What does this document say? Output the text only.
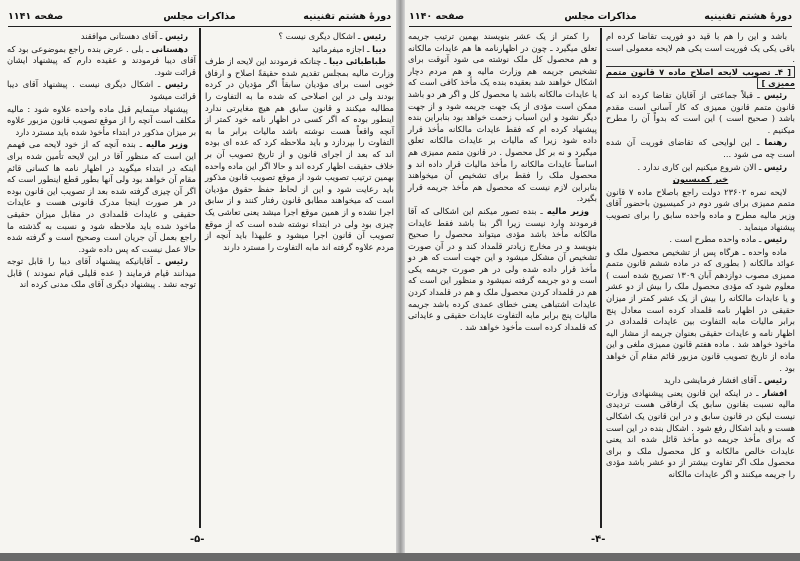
دورهٔ هشتم تقنینیه
مذاکرات مجلس
صفحه ۱۱۴۱

رئیس ـ اشکال دیگری نیست ؟

دیبا ـ اجازه میفرمائید

طباطبائی دیبا ـ چنانکه فرمودند این لایحه از طرف وزارت مالیه بمجلس تقدیم شده حقیقةً اصلاح و ارفاق خوبی است برای مؤدیان سابقاً اگر مؤدیان در کرده بودند ولی در این اصلاحی که شده ما به التفاوت را مطالبه میکنند و قانون سابق هم هیچ مغایرتی ندارد اینطور بوده که اگر کسی در اظهار نامه خود کمتر از آنچه واقعاً هست نوشته باشد مالیات برابر ما به التفاوت را بپردازد و باید ملاحظه کرد که عده ای بوده اند که بعد از اجرای قانون و از تاریخ تصویب آن بر خلاف حقیقت اظهار کرده اند و حالا اگر این ماده واحده بهمین ترتیب تصویب شود از موقع تصویب قانون مذکور باید رعایت شود و این از لحاظ حفظ حقوق مؤدیان است که میخواهند مطابق قانون رفتار کنند و از سابق اجرا نشده و از همین موقع اجرا میشد یعنی تعاشی یک چیزی بود ولی در ابتداء نوشته شده است که از موقع تصویب آن قانون اجرا میشود و علیهذا باید آنچه از مردم علاوه گرفته اند مابه التفاوت را مسترد دارند

رئیس ـ آقای دهستانی موافقند

دهستانی ـ بلی . عرض بنده راجع بموضوعی بود که آقای دیبا فرمودند و عقیده دارم که پیشنهاد ایشان قرائت شود.

رئیس ـ اشکال دیگری نیست . پیشنهاد آقای دیبا قرائت میشود

پیشنهاد مینمایم قبل ماده واحده علاوه شود : مالیه مکلف است آنچه را از موقع تصویب قانون مزبور علاوه بر میزان مذکور در ابتداء مأخوذ شده باید مسترد دارد

وزیر مالیه ـ بنده آنچه که از خود لایحه می فهمم این است که منظور آقا در این لایحه تأمین شده برای اینکه در ابتداء میگوید در اظهار نامه ها کسانی قائم مقام آن خواهد بود ولی آنها بطور قطع اینطور است که اگر آن چیزی گرفته شده بعد از تصویب این قانون بوده در هر صورت اینجا مدرک قانونی هست و عایدات حقیقی و عایدات قلمدادی در مقابل میزان حقیقی ماخوذ شده باید ملاحظه شود و نسبت به گذشته ما راجع بعمل آن جریان است وصحیح است و گرفته شده حالا عمل نیست که پس داده شود.

رئیس ـ آقایانیکه پیشنهاد آقای دیبا را قابل توجه میدانند قیام فرمایند ( عده قلیلی قیام نمودند ) قابل توجه نشد . پیشنهاد دیگری آقای ملک مدنی کرده اند

-۵-
دورهٔ هشتم تقنینیه
مذاکرات مجلس
صفحه ۱۱۴۰

باشد و این را هم با قید دو فوریت تقاضا کرده ام باقی یکی یک فوریت است یکی هم لایحه معمولی است .

[ ۴ـ تصویب لایحه اصلاح ماده ۷ قانون متمم ممیزی ]

رئیس ـ قبلاً جماعتی از آقایان تقاضا کرده اند که قانون متمم قانون ممیزی که کار آسانی است مقدم باشد ( صحیح است ) این است که بدواً آن را مطرح میکنیم .

رهنما ـ این لوایحی که تقاضای فوریت آن شده است چه می شود ...

رئیس ـ الان شروع میکنیم این کاری ندارد .

خبر کمیسیون

لایحه نمره ۲۳۶۰۲ دولت راجع باصلاح ماده ۷ قانون متمم ممیزی برای شور دوم در کمیسیون باحضور آقای وزیر مالیه مطرح و ماده واحده سابق را برای تصویب پیشنهاد مینماید .

رئیس ـ ماده واحده مطرح است .

ماده واحده ـ هرگاه پس از تشخیص محصول ملک و عوائد مالکانه ( بطوری که در ماده ششم قانون متمم ممیزی مصوب دوازدهم آبان ۱۳۰۹ تصریح شده است ) معلوم شود که مؤدی محصول ملک را بیش از دو عشر و یا عایدات مالکانه را بیش از یک عشر کمتر از میزان حقیقی در اظهار نامه قلمداد کرده است معادل پنج برابر مالیات مابه التفاوت بین عایدات قلمدادی در اظهار نامه و عایدات حقیقی بعنوان جریمه از مشار الیه ماخوذ خواهد شد . ماده هفتم قانون ممیزی ملغی و این ماده از تاریخ تصویب قانون مزبور قائم مقام آن خواهد بود .

رئیس ـ آقای افشار فرمایشی دارید

افشار ـ در اینکه این قانون یعنی پیشنهادی وزارت مالیه نسبت بقانون سابق یک ارفاقی هست تردیدی نیست لیکن در قانون سابق و در این قانون یک اشکالی هست و باید اشکال رفع شود . اشکال بنده در این است که برای مأخذ جریمه دو مأخذ قائل شده اند یعنی عایدات خالص مالکانه و کل محصول ملک و برای محصول ملک اگر تفاوت بیشتر از دو عشر باشد مؤدی را جریمه میکنند و اگر عایدات مالکانه

را کمتر از یک عشر بنویسند بهمین ترتیب جریمه تعلق میگیرد ـ چون در اظهارنامه ها هم عایدات مالکانه و هم محصول کل ملک نوشته می شود آنوقت برای تشخیص جریمه هم وزارت مالیه و هم مردم دچار اشکال خواهند شد بعقیده بنده یک مأخذ کافی است که یا عایدات مالکانه باشد یا محصول کل و اگر هر دو باشد ممکن است مؤدی از یک جهت جریمه شود و از جهت دیگر نشود و این اسباب زحمت خواهد بود بنابراین بنده پیشنهاد کرده ام که فقط عایدات مالکانه مأخذ قرار داده شود زیرا که مالیات بر عایدات مالکانه تعلق میگیرد و نه بر کل محصول . در قانون متمم ممیزی هم اساساً عایدات مالکانه را مأخذ مالیات قرار داده اند و محصول ملک را فقط برای تشخیص آن میخواهند بنابراین لازم نیست که محصول هم مأخذ جریمه قرار بگیرد.

وزیر مالیه ـ بنده تصور میکنم این اشکالی که آقا فرمودند وارد نیست زیرا اگر بنا باشد فقط عایدات مالکانه مأخذ باشد مؤدی میتواند محصول را صحیح بنویسد و در مخارج زیادتر قلمداد کند و در آن صورت تشخیص آن مشکل میشود و این جهت است که هر دو مأخذ قرار داده شده ولی در هر صورت جریمه یکی است و دو جریمه گرفته نمیشود و منظور این است که هم در قلمداد کردن محصول ملک و هم در قلمداد کردن عایدات اشتباهی یعنی خطای عمدی کرده باشد جریمه مالیات پنج برابر مابه التفاوت عایدات حقیقی و عایداتی که قلمداد کرده است مأخوذ خواهد شد .

-۴-
